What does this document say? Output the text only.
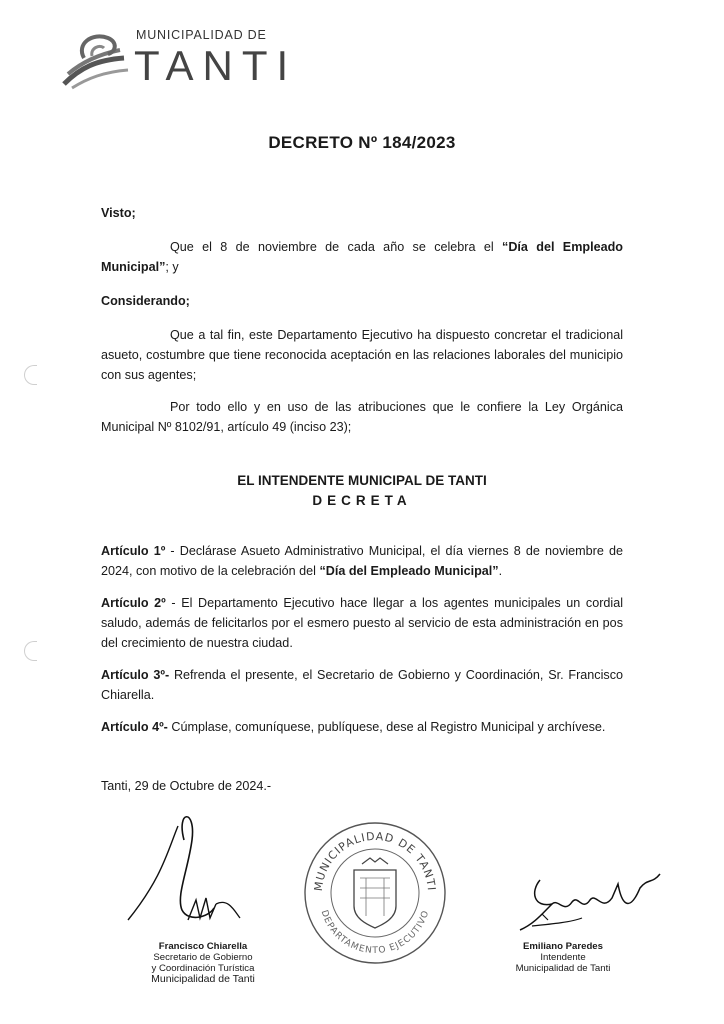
MUNICIPALIDAD DE
TANTI
DECRETO Nº 184/2023

Visto;

Que el 8 de noviembre de cada año se celebra el “Día del Empleado Municipal”; y

Considerando;

Que a tal fin, este Departamento Ejecutivo ha dispuesto concretar el tradicional asueto, costumbre que tiene reconocida aceptación en las relaciones laborales del municipio con sus agentes;

Por todo ello y en uso de las atribuciones que le confiere la Ley Orgánica Municipal Nº 8102/91, artículo 49 (inciso 23);

EL INTENDENTE MUNICIPAL DE TANTI
DECRETA

Artículo 1º - Declárase Asueto Administrativo Municipal, el día viernes 8 de noviembre de 2024, con motivo de la celebración del “Día del Empleado Municipal”.

Artículo 2º - El Departamento Ejecutivo hace llegar a los agentes municipales un cordial saludo, además de felicitarlos por el esmero puesto al servicio de esta administración en pos del crecimiento de nuestra ciudad.

Artículo 3º- Refrenda el presente, el Secretario de Gobierno y Coordinación, Sr. Francisco Chiarella.

Artículo 4º- Cúmplase, comuníquese, publíquese, dese al Registro Municipal y archívese.

Tanti, 29 de Octubre de 2024.-

Francisco Chiarella
Secretario de Gobierno
y Coordinación Turística
Municipalidad de Tanti
MUNICIPALIDAD DE TANTI
DEPARTAMENTO EJECUTIVO
Emiliano Paredes
Intendente
Municipalidad de Tanti
